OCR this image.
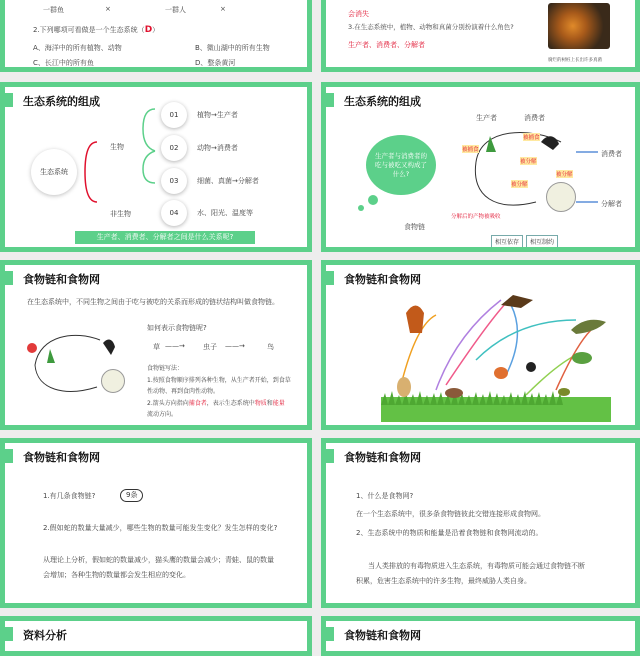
一群鱼	×	一群人	×
2.下列哪项可看做是一个生态系统（D）
A、海洋中的所有植物、动物	B、微山湖中的所有生物
C、长江中的所有鱼	D、整条黄河
会消失
3.在生态系统中，植物、动物和真菌分别扮演着什么角色?
生产者、消费者、分解者
腐烂的树桩上长出许多真菌
生态系统的组成
生态系统
生物
非生物
01
02
03
04
植物→生产者
动物→消费者
细菌、真菌→分解者
水、阳光、温度等
生产者、消费者、分解者之间是什么关系呢?
生态系统的组成
生产者与消费者的吃与被吃又构成了什么?
食物链
生产者	消费者
消费者
分解者
被捕食
被捕食
被分解
被分解
被分解
分解后的产物被吸收
相互依存	相互制约
食物链和食物网
在生态系统中，不同生物之间由于吃与被吃的关系而形成的链状结构叫做食物链。
如何表示食物链呢?
草 ——→	虫子 ——→	鸟
食物链写法：
1.按照食物顺序排列各种生物，从生产者开始，到食草
性动物、再到食肉性动物。
2.箭头方向指向捕食者，表示生态系统中物质和能量
流动方向。
食物链和食物网
食物链和食物网
1.有几条食物链?	9条
2.假如蛇的数量大量减少，哪些生物的数量可能发生变化？发生怎样的变化?
从理论上分析，假如蛇的数量减少，猫头鹰的数量会减少；青蛙、鼠的数量
会增加；各种生物的数量都会发生相应的变化。
食物链和食物网
1、什么是食物网?
在一个生态系统中，很多条食物链彼此交错连接形成食物网。
2、生态系统中的物质和能量是沿着食物链和食物网流动的。
当人类排放的有毒物质进入生态系统，有毒物质可能会通过食物链不断
积累，危害生态系统中的许多生物，最终威胁人类自身。
资料分析	食物链和食物网
